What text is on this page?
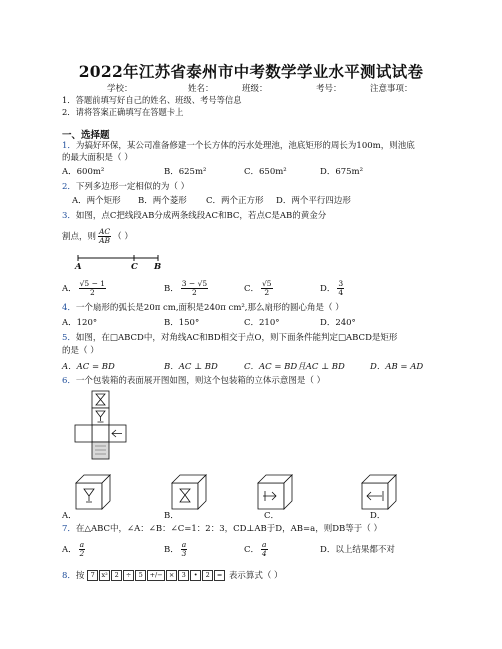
2022年江苏省泰州市中考数学学业水平测试试卷
学校：	姓名：	班级：	考号：	注意事项：
1．答题前填写好自己的姓名、班级、考号等信息
2．请将答案正确填写在答题卡上
一、选择题
1．为搞好环保，某公司准备修建一个长方体的污水处理池，池底矩形的周长为100m，则池底
的最大面积是（ ）
A．600m²	B．625m²	C．650m²	D．675m²
2．下列多边形一定相似的为（ ）
A．两个矩形 B．两个菱形 C．两个正方形 D．两个平行四边形
3．如图，点C把线段AB分成两条线段AC和BC，若点C是AB的黄金分
割点，则 $\frac{AC}{AB}$ （ ）
A	C B
A． $\frac{√5 - 1}{2}$	B． $\frac{3 - √5}{2}$	C． $\frac{√5}{2}$	D． $\frac{3}{4}$
4．一个扇形的弧长是20π cm,面积是240π cm²,那么扇形的圆心角是（ ）
A．120°	B．150°	C．210°	D．240°
5．如图，在□ABCD中，对角线AC和BD相交于点O，则下面条件能判定□ABCD是矩形
的是（ ）
A．AC = BD	B．AC ⊥ BD	C．AC = BD且AC ⊥ BD	D．AB = AD
6．一个包装箱的表面展开图如图，则这个包装箱的立体示意图是（ ）
A．	B．	C．	D．
7．在△ABC中，∠A：∠B：∠C=1：2：3，CD⊥AB于D，AB=a，则DB等于（ ）
A． $\frac{a}{2}$	B． $\frac{a}{3}$	C． $\frac{a}{4}$	D．以上结果都不对
8．按 7 x² 2 ÷ 5 +/− × 3 • 2 = 表示算式（ ）
